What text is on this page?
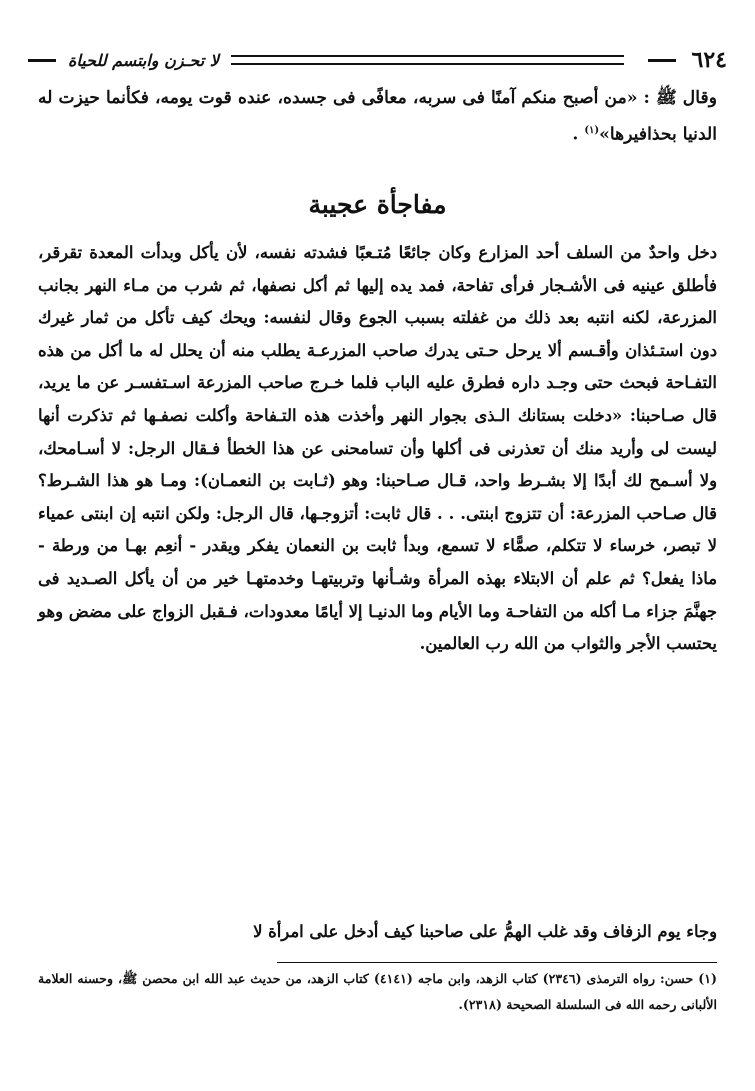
٦٢٤
لا تحـزن وابتسم للحياة
وقال ﷺ : «من أصبح منكم آمنًا فى سربه، معافًى فى جسده، عنده قوت يومه، فكأنما حيزت له الدنيا بحذافيرها»$^{(١)}$ .
مفاجأة عجيبة

دخل واحدٌ من السلف أحد المزارع وكان جائعًا مُتـعبًا فشدته نفسه، لأن يأكل وبدأت المعدة تقرقر، فأطلق عينيه فى الأشـجار فرأى تفاحة، فمد يده إليها ثم أكل نصفها، ثم شرب من مـاء النهر بجانب المزرعة، لكنه انتبه بعد ذلك من غفلته بسبب الجوع وقال لنفسه: ويحك كيف تأكل من ثمار غيرك دون استـئذان وأقـسم ألا يرحل حـتى يدرك صاحب المزرعـة يطلب منه أن يحلل له ما أكل من هذه التفـاحة فبحث حتى وجـد داره فطرق عليه الباب فلما خـرج صاحب المزرعة اسـتفسـر عن ما يريد، قال صـاحبنا: «دخلت بستانك الـذى بجوار النهر وأخذت هذه التـفاحة وأكلت نصفـها ثم تذكرت أنها ليست لى وأريد منك أن تعذرنى فى أكلها وأن تسامحنى عن هذا الخطأ فـقال الرجل: لا أسـامحك، ولا أسـمح لك أبدًا إلا بشـرط واحد، قـال صـاحبنا: وهو (ثـابت بن النعمـان): ومـا هو هذا الشـرط؟ قال صـاحب المزرعة: أن تتزوج ابنتى. . . قال ثابت: أتزوجـها، قال الرجل: ولكن انتبه إن ابنتى عمياء لا تبصر، خرساء لا تتكلم، صمًّاء لا تسمع، وبدأ ثابت بن النعمان يفكر ويقدر - أنعِم بهـا من ورطة - ماذا يفعل؟ ثم علم أن الابتلاء بهذه المرأة وشـأنها وتربيتهـا وخدمتهـا خير من أن يأكل الصـديد فى جهنَّمَ جزاء مـا أكله من التفاحـة وما الأيام وما الدنيـا إلا أيامًا معدودات، فـقبل الزواج على مضض وهو يحتسب الأجر والثواب من الله رب العالمين.

وجاء يوم الزفاف وقد غلب الهمُّ على صاحبنا كيف أدخل على امرأة لا
(١) حسن: رواه الترمذى (٢٣٤٦) كتاب الزهد، وابن ماجه (٤١٤١) كتاب الزهد، من حديث عبد الله ابن محصن ﷺ، وحسنه العلامة الألبانى رحمه الله فى السلسلة الصحيحة (٢٣١٨).
